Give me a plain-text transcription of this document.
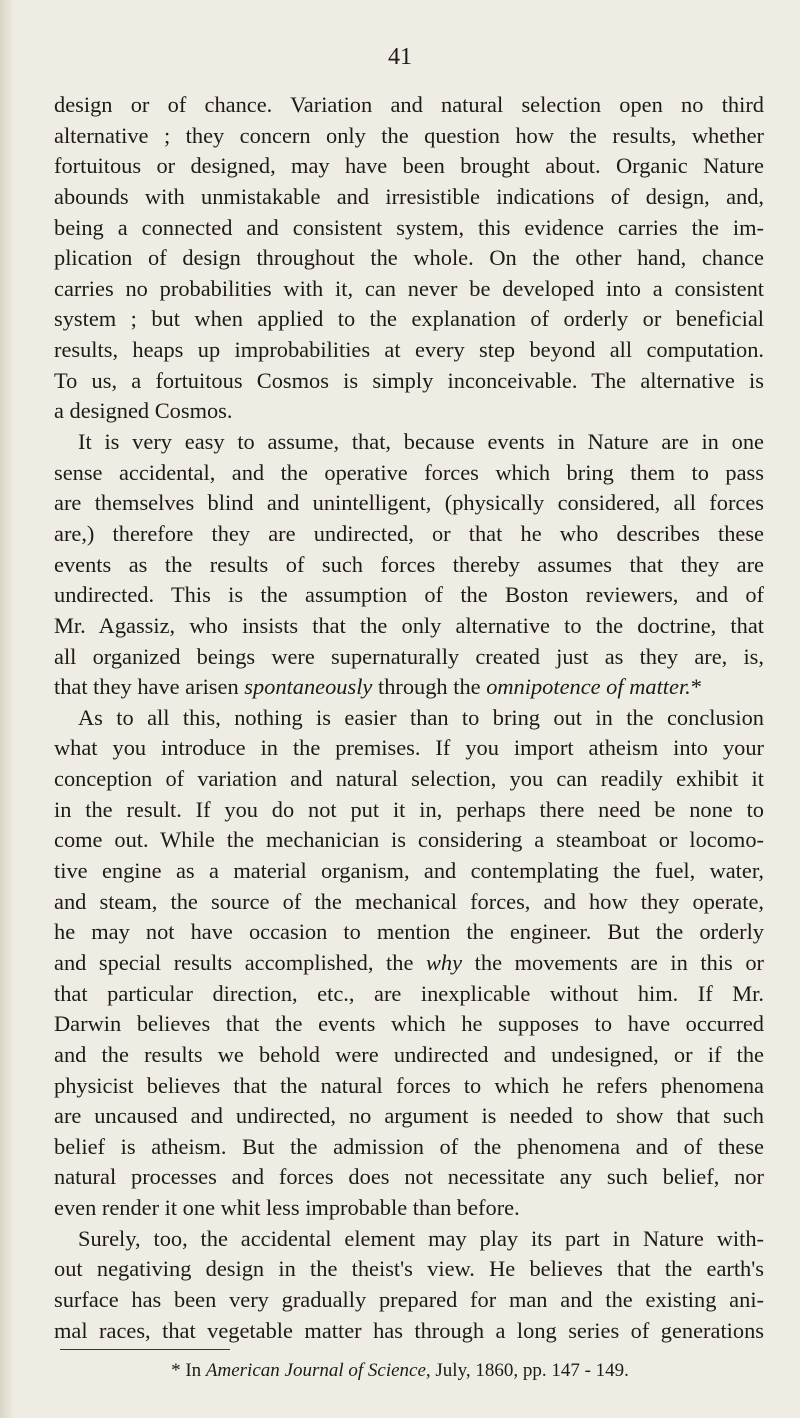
41
design or of chance. Variation and natural selection open no third
alternative ; they concern only the question how the results, whether
fortuitous or designed, may have been brought about. Organic Nature
abounds with unmistakable and irresistible indications of design, and,
being a connected and consistent system, this evidence carries the im-
plication of design throughout the whole. On the other hand, chance
carries no probabilities with it, can never be developed into a consistent
system ; but when applied to the explanation of orderly or beneficial
results, heaps up improbabilities at every step beyond all computation.
To us, a fortuitous Cosmos is simply inconceivable. The alternative is
a designed Cosmos.
It is very easy to assume, that, because events in Nature are in one
sense accidental, and the operative forces which bring them to pass
are themselves blind and unintelligent, (physically considered, all forces
are,) therefore they are undirected, or that he who describes these
events as the results of such forces thereby assumes that they are
undirected. This is the assumption of the Boston reviewers, and of
Mr. Agassiz, who insists that the only alternative to the doctrine, that
all organized beings were supernaturally created just as they are, is,
that they have arisen spontaneously through the omnipotence of matter.*
As to all this, nothing is easier than to bring out in the conclusion
what you introduce in the premises. If you import atheism into your
conception of variation and natural selection, you can readily exhibit it
in the result. If you do not put it in, perhaps there need be none to
come out. While the mechanician is considering a steamboat or locomo-
tive engine as a material organism, and contemplating the fuel, water,
and steam, the source of the mechanical forces, and how they operate,
he may not have occasion to mention the engineer. But the orderly
and special results accomplished, the why the movements are in this or
that particular direction, etc., are inexplicable without him. If Mr.
Darwin believes that the events which he supposes to have occurred
and the results we behold were undirected and undesigned, or if the
physicist believes that the natural forces to which he refers phenomena
are uncaused and undirected, no argument is needed to show that such
belief is atheism. But the admission of the phenomena and of these
natural processes and forces does not necessitate any such belief, nor
even render it one whit less improbable than before.
Surely, too, the accidental element may play its part in Nature with-
out negativing design in the theist's view. He believes that the earth's
surface has been very gradually prepared for man and the existing ani-
mal races, that vegetable matter has through a long series of generations
* In American Journal of Science, July, 1860, pp. 147 - 149.
